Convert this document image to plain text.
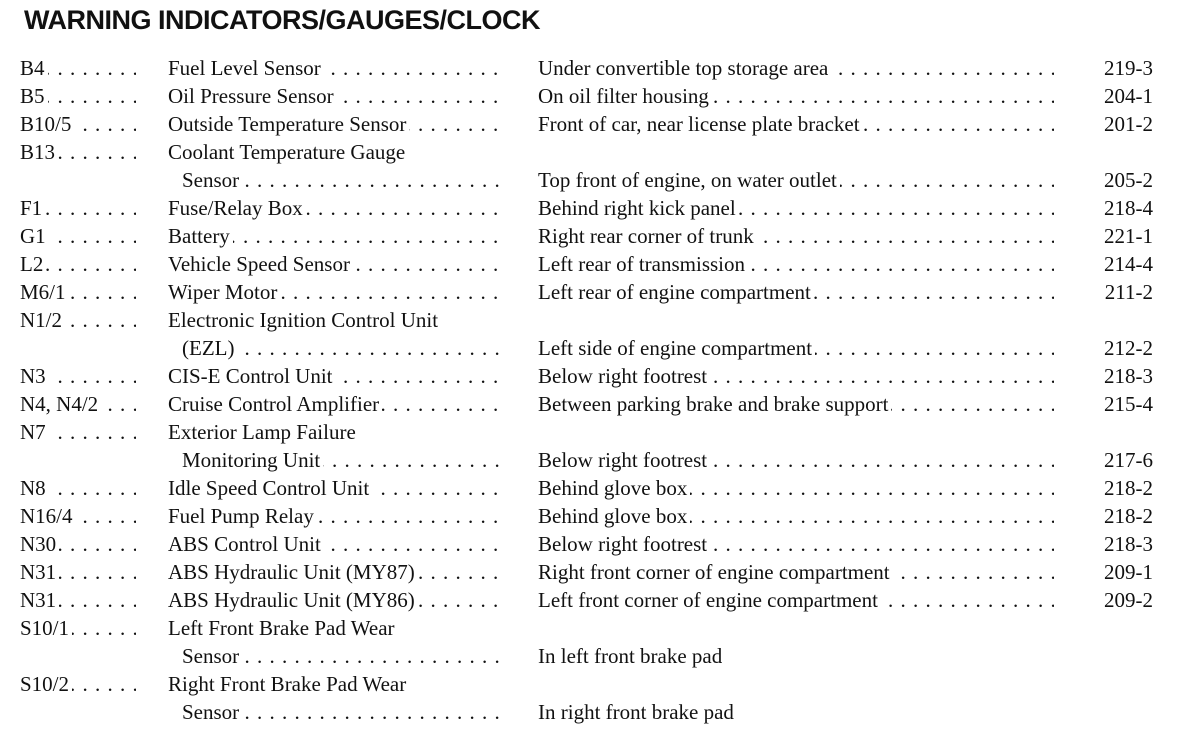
WARNING INDICATORS/GAUGES/CLOCK
B4 . . .	Fuel Level Sensor . . .	Under convertible top storage area . . .	219-3
B5 . . .	Oil Pressure Sensor . . .	On oil filter housing . . .	204-1
B10/5 . . .	Outside Temperature Sensor . . .	Front of car, near license plate bracket . . .	201-2
B13 . . .	Coolant Temperature Gauge
Sensor . . .	Top front of engine, on water outlet . . .	205-2
F1 . . .	Fuse/Relay Box . . .	Behind right kick panel . . .	218-4
G1 . . .	Battery . . .	Right rear corner of trunk . . .	221-1
L2 . . .	Vehicle Speed Sensor . . .	Left rear of transmission . . .	214-4
M6/1 . . .	Wiper Motor . . .	Left rear of engine compartment . . .	211-2
N1/2 . . .	Electronic Ignition Control Unit
(EZL) . . .	Left side of engine compartment . . .	212-2
N3 . . .	CIS-E Control Unit . . .	Below right footrest . . .	218-3
N4, N4/2 . . .	Cruise Control Amplifier . . .	Between parking brake and brake support . . .	215-4
N7 . . .	Exterior Lamp Failure
Monitoring Unit . . .	Below right footrest . . .	217-6
N8 . . .	Idle Speed Control Unit . . .	Behind glove box . . .	218-2
N16/4 . . .	Fuel Pump Relay . . .	Behind glove box . . .	218-2
N30 . . .	ABS Control Unit . . .	Below right footrest . . .	218-3
N31 . . .	ABS Hydraulic Unit (MY87) . . .	Right front corner of engine compartment . . .	209-1
N31 . . .	ABS Hydraulic Unit (MY86) . . .	Left front corner of engine compartment . . .	209-2
S10/1 . . .	Left Front Brake Pad Wear
Sensor . . .	In left front brake pad
S10/2 . . .	Right Front Brake Pad Wear
Sensor . . .	In right front brake pad
